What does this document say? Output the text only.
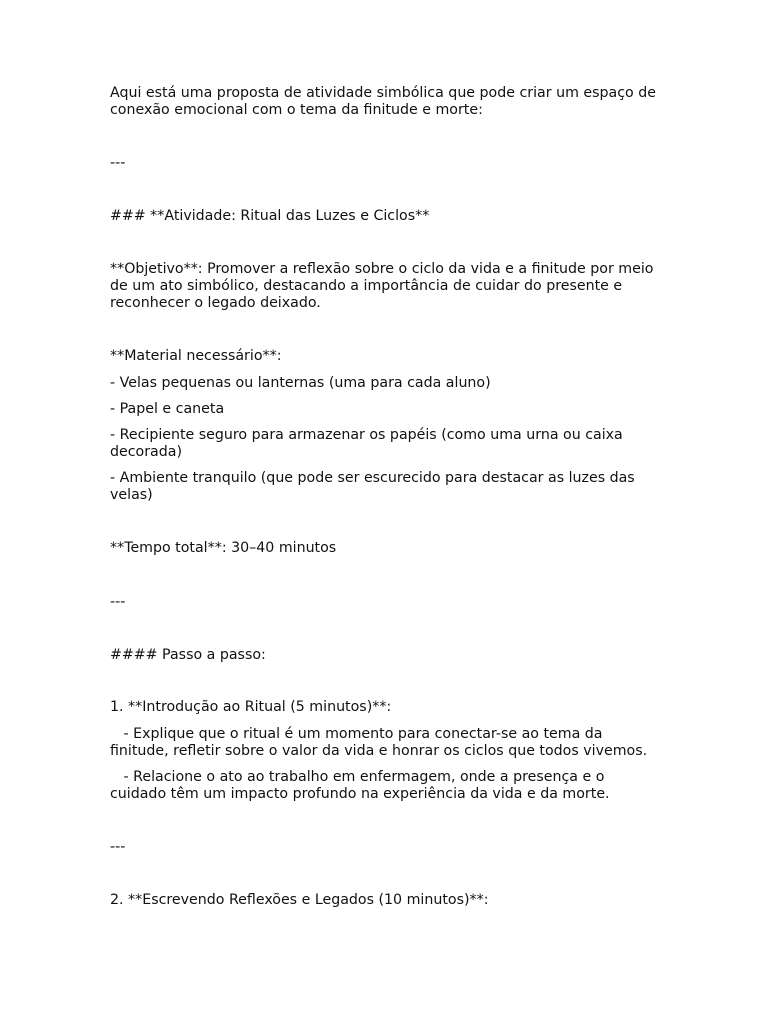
Aqui está uma proposta de atividade simbólica que pode criar um espaço de

conexão emocional com o tema da finitude e morte:

---

### **Atividade: Ritual das Luzes e Ciclos**

**Objetivo**: Promover a reflexão sobre o ciclo da vida e a finitude por meio

de um ato simbólico, destacando a importância de cuidar do presente e

reconhecer o legado deixado.

**Material necessário**:

- Velas pequenas ou lanternas (uma para cada aluno)

- Papel e caneta

- Recipiente seguro para armazenar os papéis (como uma urna ou caixa

decorada)

- Ambiente tranquilo (que pode ser escurecido para destacar as luzes das

velas)

**Tempo total**: 30–40 minutos

---

#### Passo a passo:

1. **Introdução ao Ritual (5 minutos)**:

- Explique que o ritual é um momento para conectar-se ao tema da

finitude, refletir sobre o valor da vida e honrar os ciclos que todos vivemos.

- Relacione o ato ao trabalho em enfermagem, onde a presença e o

cuidado têm um impacto profundo na experiência da vida e da morte.

---

2. **Escrevendo Reflexões e Legados (10 minutos)**:
